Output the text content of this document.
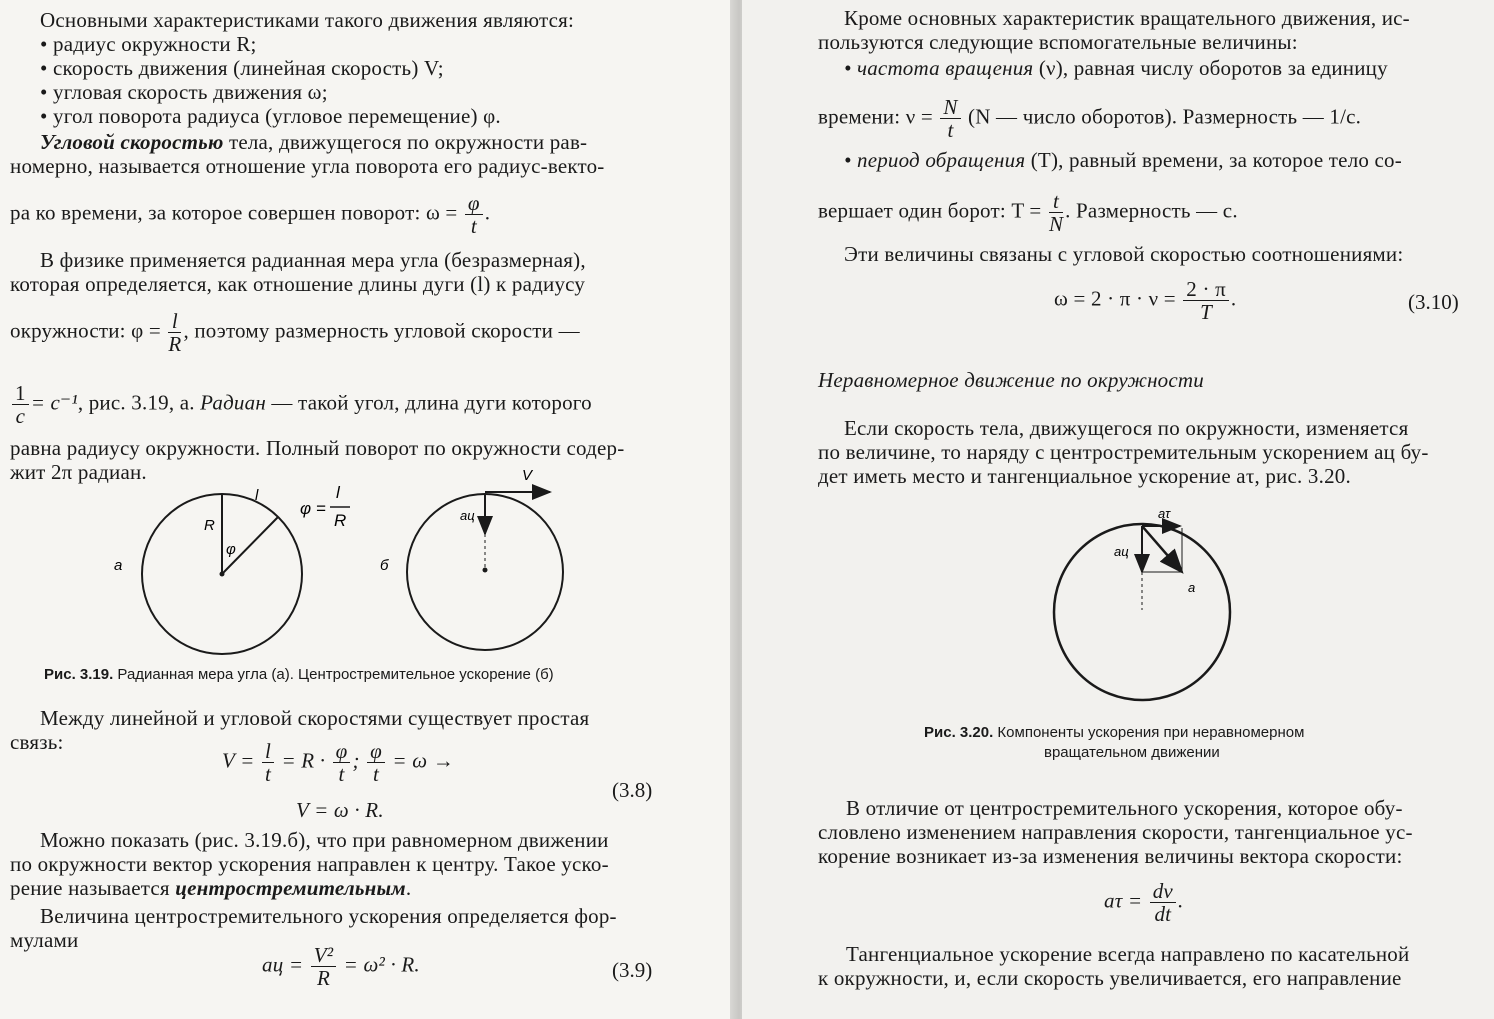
Основными характеристиками такого движения являются:
• радиус окружности R;
• скорость движения (линейная скорость) V;
• угловая скорость движения ω;
• угол поворота радиуса (угловое перемещение) φ.
Угловой скоростью тела, движущегося по окружности рав-
номерно, называется отношение угла поворота его радиус-векто-
ра ко времени, за которое совершен поворот: $\omega = \frac{\varphi}{t}$ .
В физике применяется радианная мера угла (безразмерная),
которая определяется, как отношение длины дуги (l) к радиусу
окружности: $\varphi = \frac{l}{R}$ , поэтому размерность угловой скорости —
$\frac{1}{c} = c^{-1}$, рис. 3.19, а. Радиан — такой угол, длина дуги которого
равна радиусу окружности. Полный поворот по окружности содер-
жит 2π радиан.
R
φ
l
φ =
l
R
а	б
V
aц
Рис. 3.19. Радианная мера угла (а). Центростремительное ускорение (б)
Между линейной и угловой скоростями существует простая
связь:
$V = \frac{l}{t} = R \cdot \frac{\varphi}{t}$ ; $\frac{\varphi}{t} = \omega$ →
V = ω · R.
(3.8)
Можно показать (рис. 3.19.б), что при равномерном движении
по окружности вектор ускорения направлен к центру. Такое уско-
рение называется центростремительным.
Величина центростремительного ускорения определяется фор-
мулами
aц = $\frac{\text{V²}}{R} = \omega^2 \cdot R$.	(3.9)
Кроме основных характеристик вращательного движения, ис-
пользуются следующие вспомогательные величины:
• частота вращения (ν), равная числу оборотов за единицу
времени: $\nu = \frac{N}{t} (N$ — число оборотов). Размерность — 1/с.
• период обращения (T), равный времени, за которое тело со-
вершает один борот: $T = \frac{t}{N}$ . Размерность — с.
Эти величины связаны с угловой скоростью соотношениями:
$\omega = 2 \cdot \pi \cdot \nu = \frac{2 \cdot \pi}{T}$ .	(3.10)
Неравномерное движение по окружности
Если скорость тела, движущегося по окружности, изменяется
по величине, то наряду с центростремительным ускорением aц бу-
дет иметь место и тангенциальное ускорение aτ, рис. 3.20.
aτ
aц
a
Рис. 3.20. Компоненты ускорения при неравномерном
вращательном движении
В отличие от центростремительного ускорения, которое обу-
словлено изменением направления скорости, тангенциальное ус-
корение возникает из-за изменения величины вектора скорости:
$a\tau = \frac{dv}{dt}$ .
Тангенциальное ускорение всегда направлено по касательной
к окружности, и, если скорость увеличивается, его направление
